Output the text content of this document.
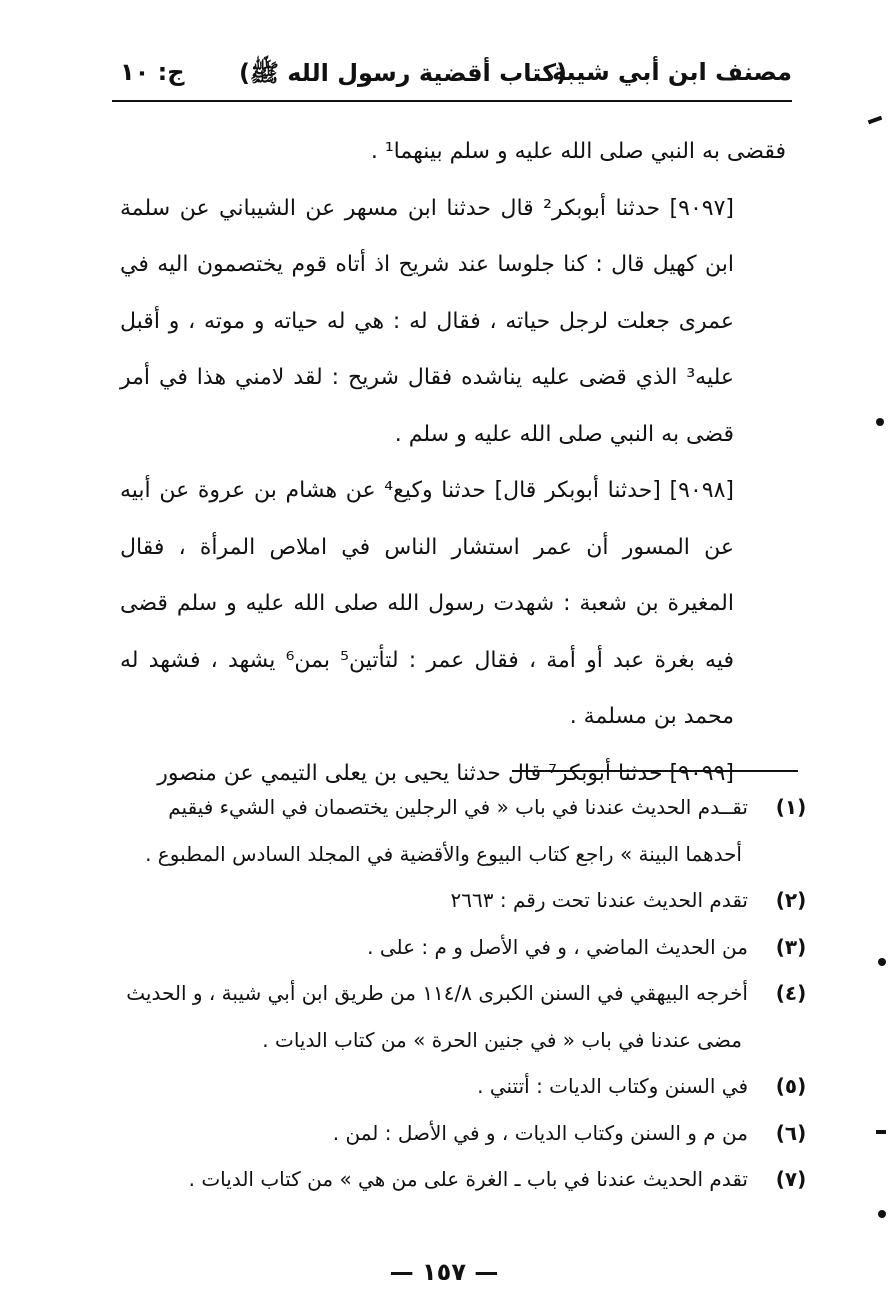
مصنف ابن أبي شيبة
(كتاب أقضية رسول الله ﷺ)
ج: ١٠

فقضى به النبي صلى الله عليه و سلم بينهما¹ .

[٩٠٩٧] حدثنا أبوبكر² قال حدثنا ابن مسهر عن الشيباني عن سلمة ابن كهيل قال : كنا جلوسا عند شريح اذ أتاه قوم يختصمون اليه في عمرى جعلت لرجل حياته ، فقال له : هي له حياته و موته ، و أقبل عليه³ الذي قضى عليه يناشده فقال شريح : لقد لامني هذا في أمر قضى به النبي صلى الله عليه و سلم .

[٩٠٩٨] [حدثنا أبوبكر قال] حدثنا وكيع⁴ عن هشام بن عروة عن أبيه عن المسور أن عمر استشار الناس في املاص المرأة ، فقال المغيرة بن شعبة : شهدت رسول الله صلى الله عليه و سلم قضى فيه بغرة عبد أو أمة ، فقال عمر : لتأتين⁵ بمن⁶ يشهد ، فشهد له محمد بن مسلمة .

[٩٠٩٩] حدثنا أبوبكر⁷ قال حدثنا يحيى بن يعلى التيمي عن منصور

(١)تقــدم الحديث عندنا في باب « في الرجلين يختصمان في الشيء فيقيم أحدهما البينة » راجع كتاب البيوع والأقضية في المجلد السادس المطبوع .

(٢)تقدم الحديث عندنا تحت رقم : ٢٦٦٣

(٣)من الحديث الماضي ، و في الأصل و م : على .

(٤)أخرجه البيهقي في السنن الكبرى ١١٤/٨ من طريق ابن أبي شيبة ، و الحديث مضى عندنا في باب « في جنين الحرة » من كتاب الديات .

(٥)في السنن وكتاب الديات : أتتني .

(٦)من م و السنن وكتاب الديات ، و في الأصل : لمن .

(٧)تقدم الحديث عندنا في باب ـ الغرة على من هي » من كتاب الديات .

— ١٥٧ —
